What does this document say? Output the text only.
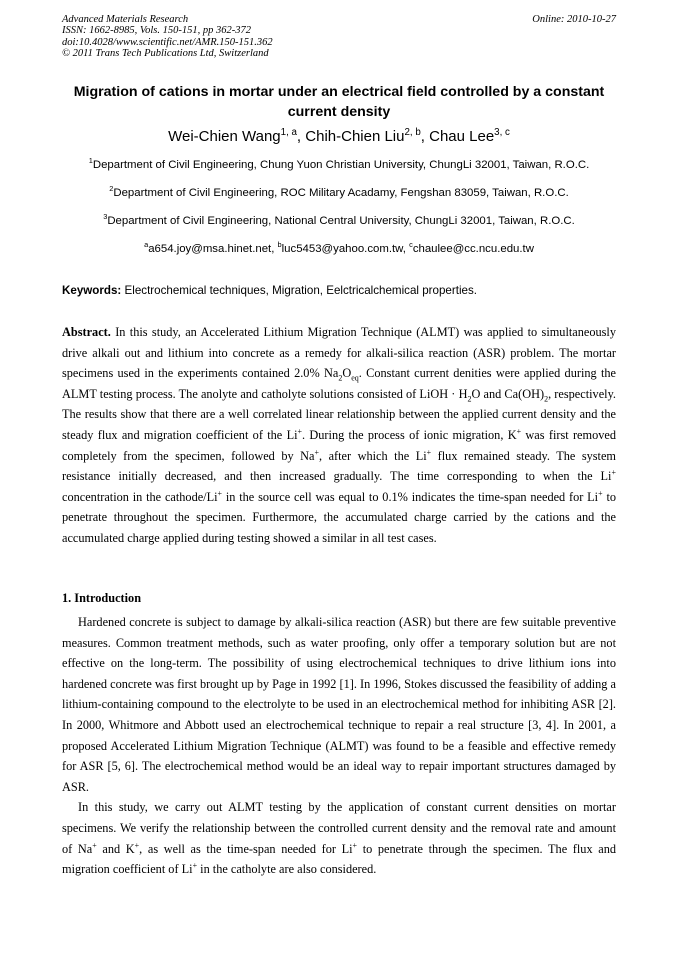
Advanced Materials Research
ISSN: 1662-8985, Vols. 150-151, pp 362-372
doi:10.4028/www.scientific.net/AMR.150-151.362
© 2011 Trans Tech Publications Ltd, Switzerland
Online: 2010-10-27
Migration of cations in mortar under an electrical field controlled by a constant current density
Wei-Chien Wang$^{1, a}$, Chih-Chien Liu$^{2, b}$, Chau Lee$^{3, c}$
$^1$Department of Civil Engineering, Chung Yuon Christian University, ChungLi 32001, Taiwan, R.O.C.
$^2$Department of Civil Engineering, ROC Military Acadamy, Fengshan 83059, Taiwan, R.O.C.
$^3$Department of Civil Engineering, National Central University, ChungLi 32001, Taiwan, R.O.C.
$^a$a654.joy@msa.hinet.net, $^b$luc5453@yahoo.com.tw, $^c$chaulee@cc.ncu.edu.tw
Keywords: Electrochemical techniques, Migration, Eelctricalchemical properties.
Abstract. In this study, an Accelerated Lithium Migration Technique (ALMT) was applied to simultaneously drive alkali out and lithium into concrete as a remedy for alkali-silica reaction (ASR) problem. The mortar specimens used in the experiments contained 2.0% $Na_2O_{eq}$. Constant current denities were applied during the ALMT testing process. The anolyte and catholyte solutions consisted of LiOH · $H_2O$ and $Ca(OH)_2$, respectively. The results show that there are a well correlated linear relationship between the applied current density and the steady flux and migration coefficient of the Li+. During the process of ionic migration, K+ was first removed completely from the specimen, followed by Na+, after which the Li+ flux remained steady. The system resistance initially decreased, and then increased gradually. The time corresponding to when the Li+ concentration in the cathode/Li+ in the source cell was equal to 0.1% indicates the time-span needed for Li+ to penetrate throughout the specimen. Furthermore, the accumulated charge carried by the cations and the accumulated charge applied during testing showed a similar in all test cases.
1. Introduction

Hardened concrete is subject to damage by alkali-silica reaction (ASR) but there are few suitable preventive measures. Common treatment methods, such as water proofing, only offer a temporary solution but are not effective on the long-term. The possibility of using electrochemical techniques to drive lithium ions into hardened concrete was first brought up by Page in 1992 [1]. In 1996, Stokes discussed the feasibility of adding a lithium-containing compound to the electrolyte to be used in an electrochemical method for inhibiting ASR [2]. In 2000, Whitmore and Abbott used an electrochemical technique to repair a real structure [3, 4]. In 2001, a proposed Accelerated Lithium Migration Technique (ALMT) was found to be a feasible and effective remedy for ASR [5, 6]. The electrochemical method would be an ideal way to repair important structures damaged by ASR.

In this study, we carry out ALMT testing by the application of constant current densities on mortar specimens. We verify the relationship between the controlled current density and the removal rate and amount of Na+ and K+, as well as the time-span needed for Li+ to penetrate through the specimen. The flux and migration coefficient of Li+ in the catholyte are also considered.
